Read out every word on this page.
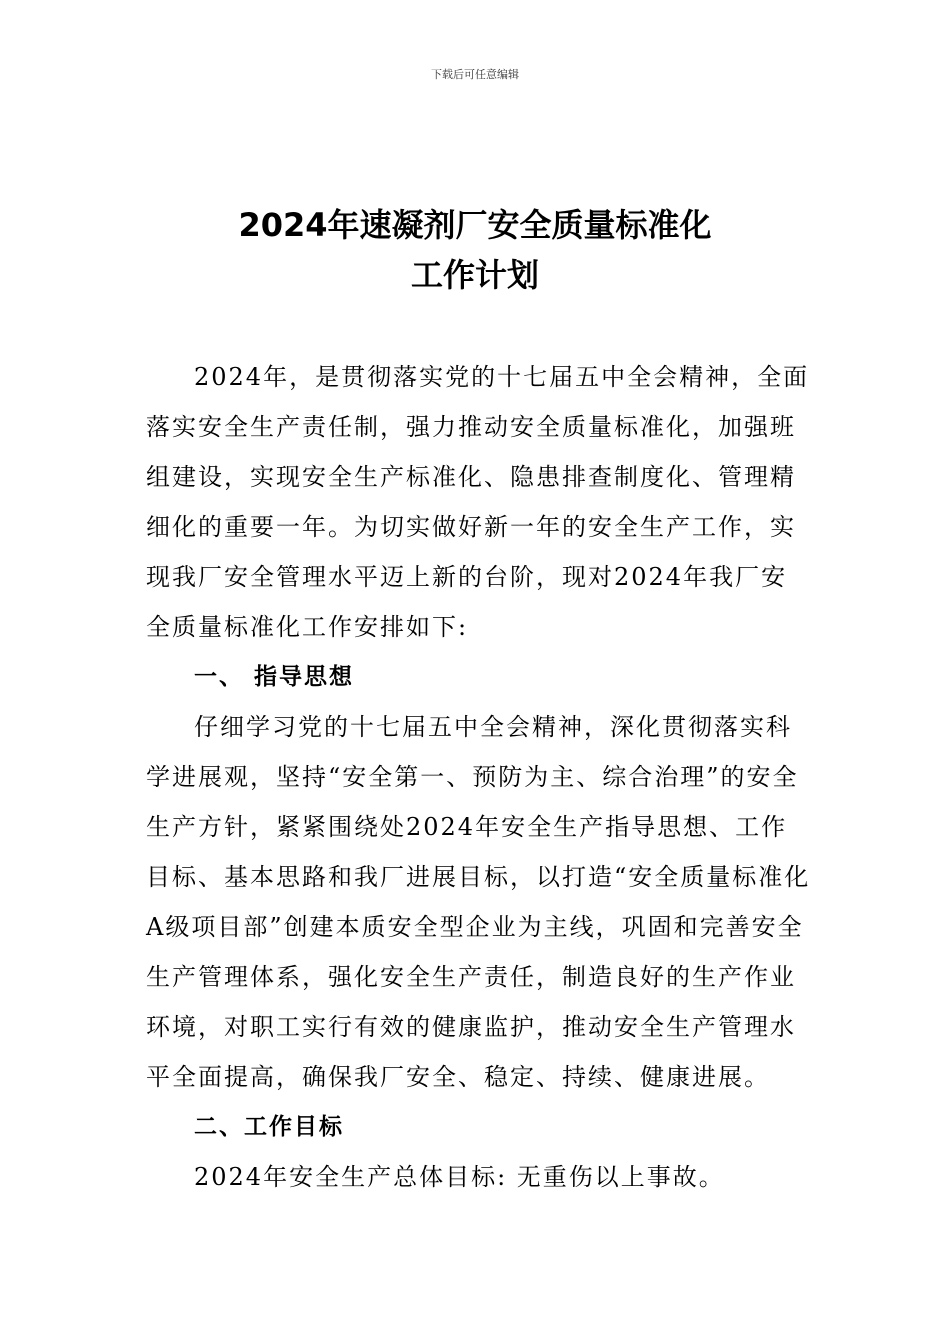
下载后可任意编辑
2024年速凝剂厂安全质量标准化
工作计划

2024年，是贯彻落实党的十七届五中全会精神，全面落实安全生产责任制，强力推动安全质量标准化，加强班组建设，实现安全生产标准化、隐患排查制度化、管理精细化的重要一年。为切实做好新一年的安全生产工作，实现我厂安全管理水平迈上新的台阶，现对2024年我厂安全质量标准化工作安排如下:

一、 指导思想

仔细学习党的十七届五中全会精神，深化贯彻落实科学进展观，坚持“安全第一、预防为主、综合治理”的安全生产方针，紧紧围绕处2024年安全生产指导思想、工作目标、基本思路和我厂进展目标，以打造“安全质量标准化A级项目部”创建本质安全型企业为主线，巩固和完善安全生产管理体系，强化安全生产责任，制造良好的生产作业环境，对职工实行有效的健康监护，推动安全生产管理水平全面提高，确保我厂安全、稳定、持续、健康进展。

二、工作目标

2024年安全生产总体目标: 无重伤以上事故。
